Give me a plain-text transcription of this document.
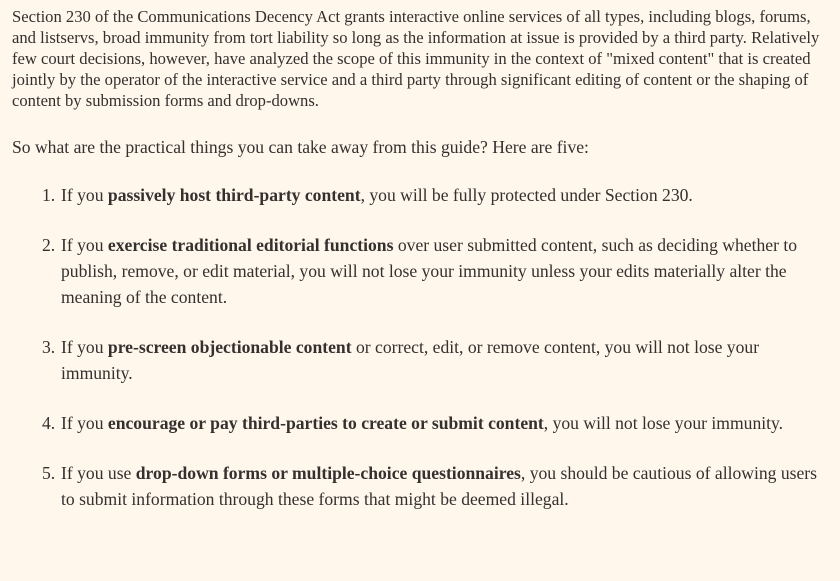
Section 230 of the Communications Decency Act grants interactive online services of all types, including blogs, forums, and listservs, broad immunity from tort liability so long as the information at issue is provided by a third party. Relatively few court decisions, however, have analyzed the scope of this immunity in the context of "mixed content" that is created jointly by the operator of the interactive service and a third party through significant editing of content or the shaping of content by submission forms and drop-downs.

So what are the practical things you can take away from this guide? Here are five:

1. If you passively host third-party content, you will be fully protected under Section 230.
2. If you exercise traditional editorial functions over user submitted content, such as deciding whether to publish, remove, or edit material, you will not lose your immunity unless your edits materially alter the meaning of the content.
3. If you pre-screen objectionable content or correct, edit, or remove content, you will not lose your immunity.
4. If you encourage or pay third-parties to create or submit content, you will not lose your immunity.
5. If you use drop-down forms or multiple-choice questionnaires, you should be cautious of allowing users to submit information through these forms that might be deemed illegal.
